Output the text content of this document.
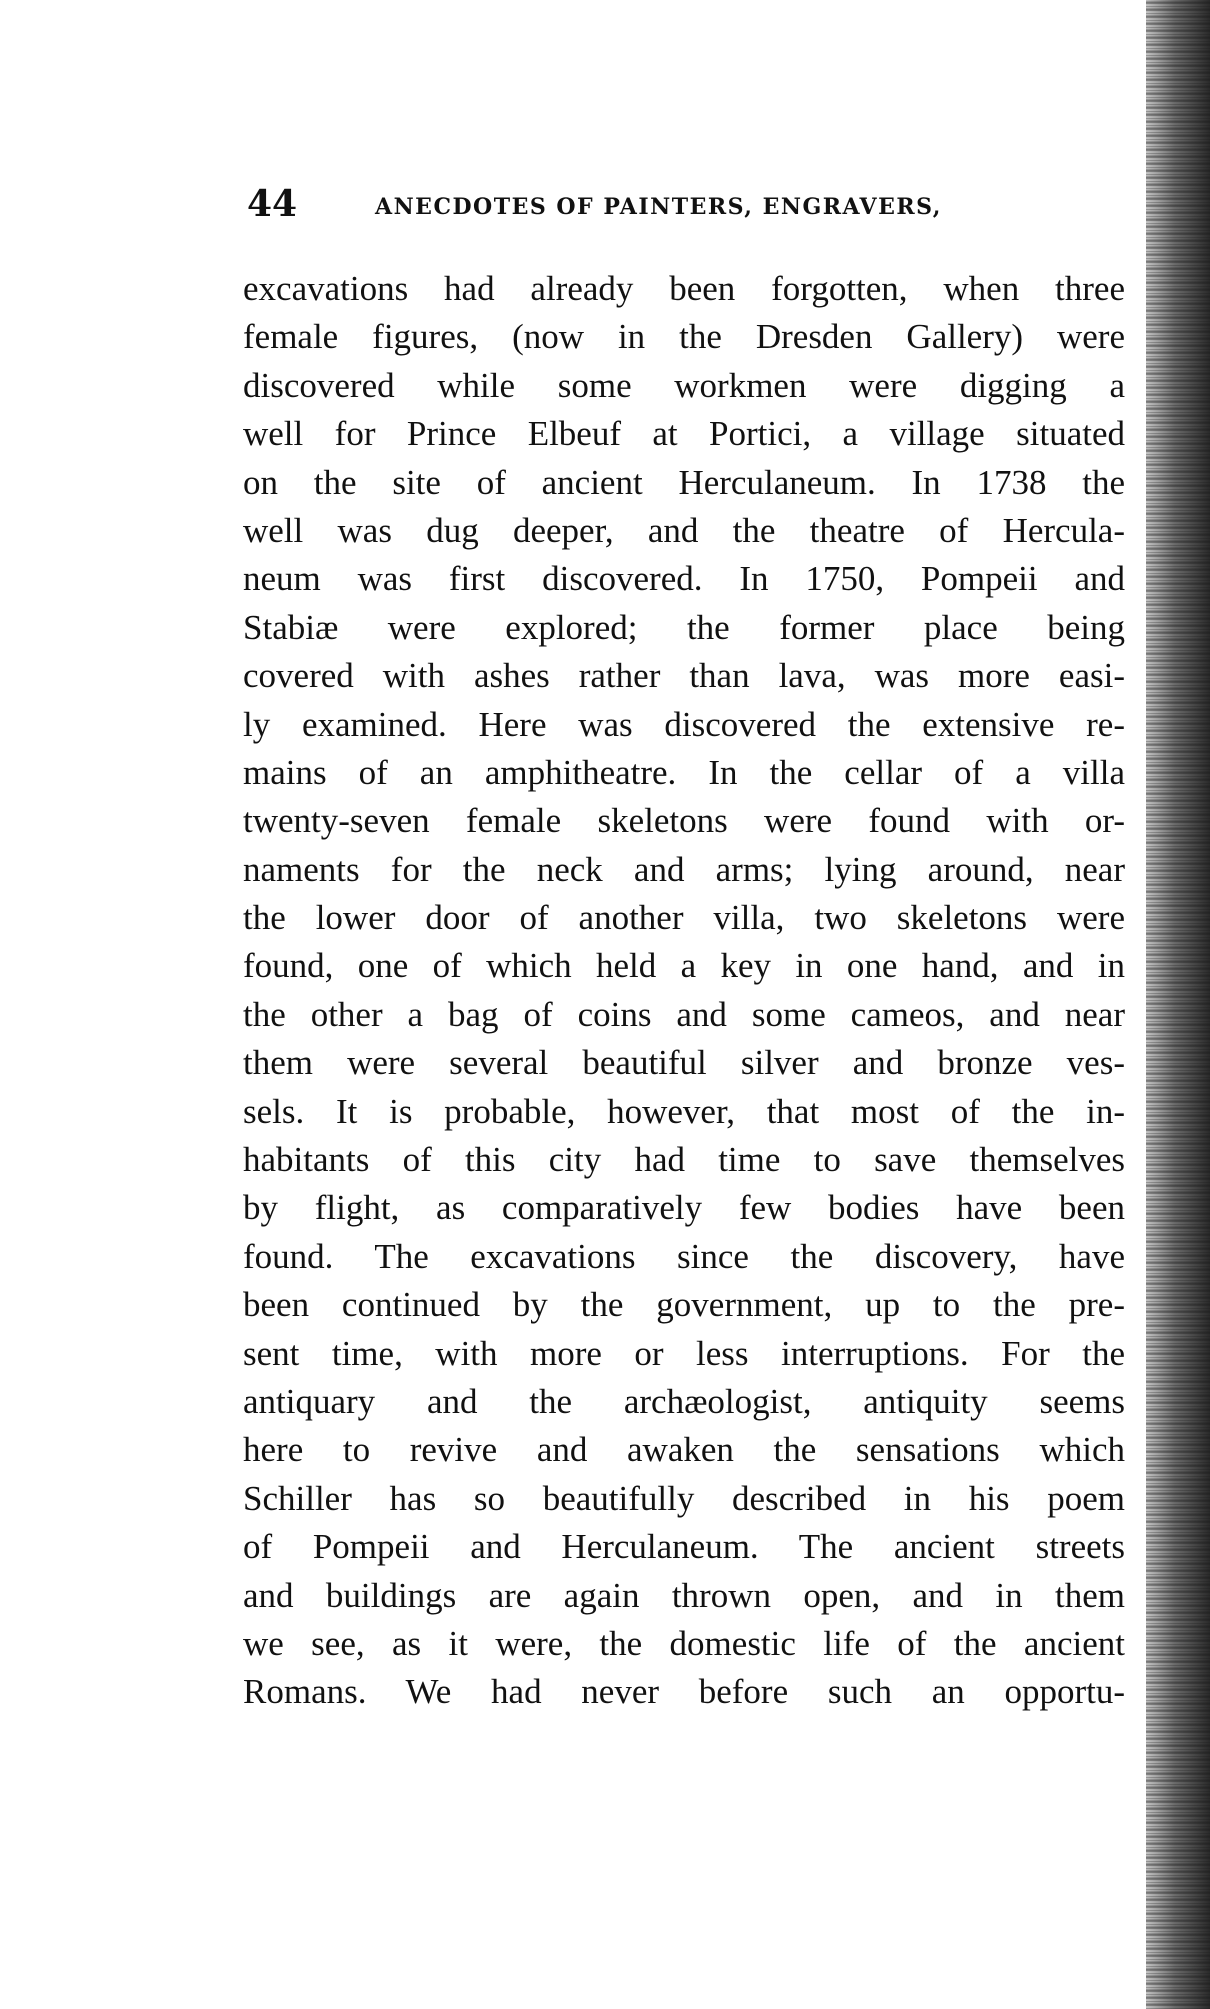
44	ANECDOTES OF PAINTERS, ENGRAVERS,
excavations had already been forgotten, when three
female figures, (now in the Dresden Gallery) were
discovered while some workmen were digging a
well for Prince Elbeuf at Portici, a village situated
on the site of ancient Herculaneum. In 1738 the
well was dug deeper, and the theatre of Hercula-
neum was first discovered. In 1750, Pompeii and
Stabiæ were explored; the former place being
covered with ashes rather than lava, was more easi-
ly examined. Here was discovered the extensive re-
mains of an amphitheatre. In the cellar of a villa
twenty-seven female skeletons were found with or-
naments for the neck and arms; lying around, near
the lower door of another villa, two skeletons were
found, one of which held a key in one hand, and in
the other a bag of coins and some cameos, and near
them were several beautiful silver and bronze ves-
sels. It is probable, however, that most of the in-
habitants of this city had time to save themselves
by flight, as comparatively few bodies have been
found. The excavations since the discovery, have
been continued by the government, up to the pre-
sent time, with more or less interruptions. For the
antiquary and the archæologist, antiquity seems
here to revive and awaken the sensations which
Schiller has so beautifully described in his poem
of Pompeii and Herculaneum. The ancient streets
and buildings are again thrown open, and in them
we see, as it were, the domestic life of the ancient
Romans. We had never before such an opportu-
